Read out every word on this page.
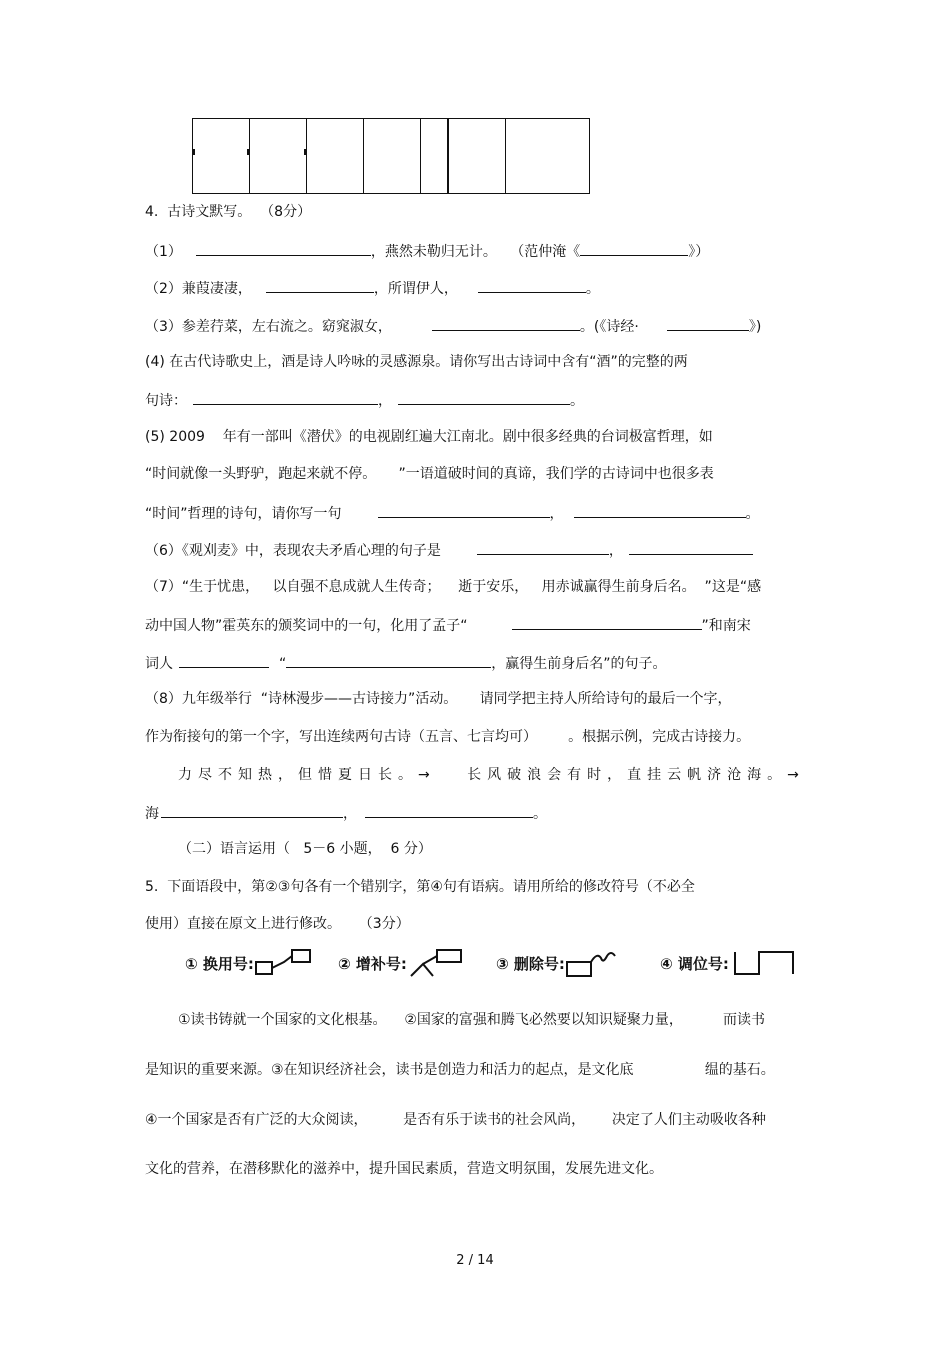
4.  古诗文默写。  （8分）
（1）	，燕然未勒归无计。   （范仲淹《	》）
（2）兼葭凄凄，	，所谓伊人，	。
（3）参差荇菜，左右流之。窈窕淑女，	。(《诗经·	》)
(4) 在古代诗歌史上，酒是诗人吟咏的灵感源泉。请你写出古诗词中含有“酒”的完整的两
句诗：	，	。
(5) 2009    年有一部叫《潜伏》的电视剧红遍大江南北。剧中很多经典的台词极富哲理，如
“时间就像一头野驴，跑起来就不停。     ”一语道破时间的真谛，我们学的古诗词中也很多表
“时间”哲理的诗句，请你写一句	，	。
（6）《观刈麦》中，表现农夫矛盾心理的句子是	，
（7）“生于忧患，   以自强不息成就人生传奇；    逝于安乐，   用赤诚赢得生前身后名。  ”这是“感
动中国人物”霍英东的颁奖词中的一句，化用了孟子“	”和南宋
词人	“	，赢得生前身后名”的句子。
（8）九年级举行  “诗林漫步——古诗接力”活动。     请同学把主持人所给诗句的最后一个字，
作为衔接句的第一个字，写出连续两句古诗（五言、七言均可）       。根据示例，完成古诗接力。
力尽不知热，但惜夏日长。→   长风破浪会有时，直挂云帆济沧海。→
海	，	。
（二）语言运用（   5－6 小题，  6 分）
5.  下面语段中，第②③句各有一个错别字，第④句有语病。请用所给的修改符号（不必全
使用）直接在原文上进行修改。    （3分）
① 换用号:	② 增补号:	③ 删除号:	④ 调位号:
①读书铸就一个国家的文化根基。    ②国家的富强和腾飞必然要以知识疑聚力量，         而读书
是知识的重要来源。③在知识经济社会，读书是创造力和活力的起点，是文化底                缊的基石。
④一个国家是否有广泛的大众阅读，        是否有乐于读书的社会风尚，      决定了人们主动吸收各种
文化的营养，在潜移默化的滋养中，提升国民素质，营造文明氛围，发展先进文化。
2 / 14
